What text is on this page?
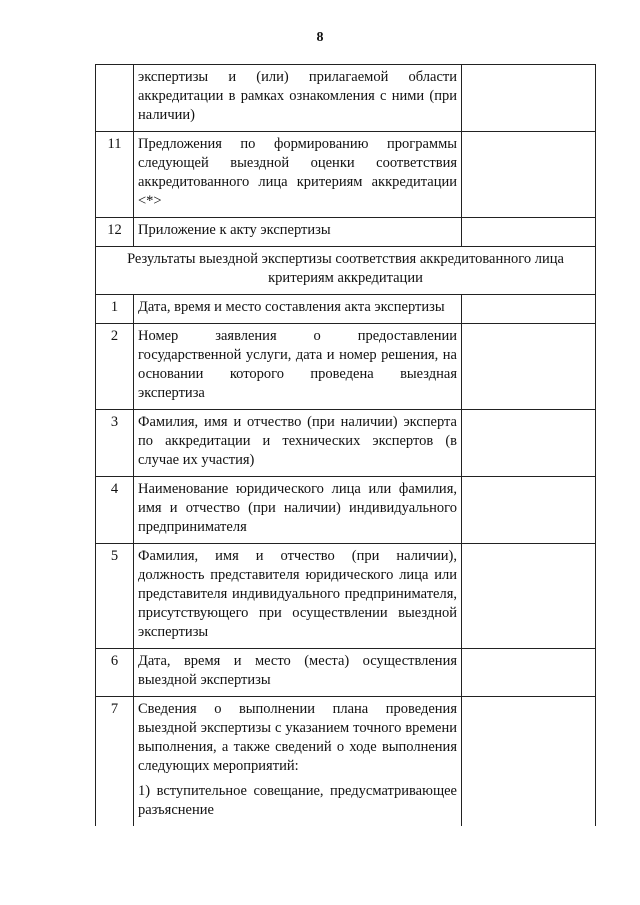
8
	экспертизы и (или) прилагаемой области аккредитации в рамках ознакомления с ними (при наличии)	
11	Предложения по формированию программы следующей выездной оценки соответствия аккредитованного лица критериям аккредитации <*>	
12	Приложение к акту экспертизы	
Результаты выездной экспертизы соответствия аккредитованного лица критериям аккредитации		
1	Дата, время и место составления акта экспертизы	
2	Номер заявления о предоставлении государственной услуги, дата и номер решения, на основании которого проведена выездная экспертиза	
3	Фамилия, имя и отчество (при наличии) эксперта по аккредитации и технических экспертов (в случае их участия)	
4	Наименование юридического лица или фамилия, имя и отчество (при наличии) индивидуального предпринимателя	
5	Фамилия, имя и отчество (при наличии), должность представителя юридического лица или представителя индивидуального предпринимателя, присутствующего при осуществлении выездной экспертизы	
6	Дата, время и место (места) осуществления выездной экспертизы	
7	Сведения о выполнении плана проведения выездной экспертизы с указанием точного времени выполнения, а также сведений о ходе выполнения следующих мероприятий:

1) вступительное совещание, предусматривающее разъяснение	
